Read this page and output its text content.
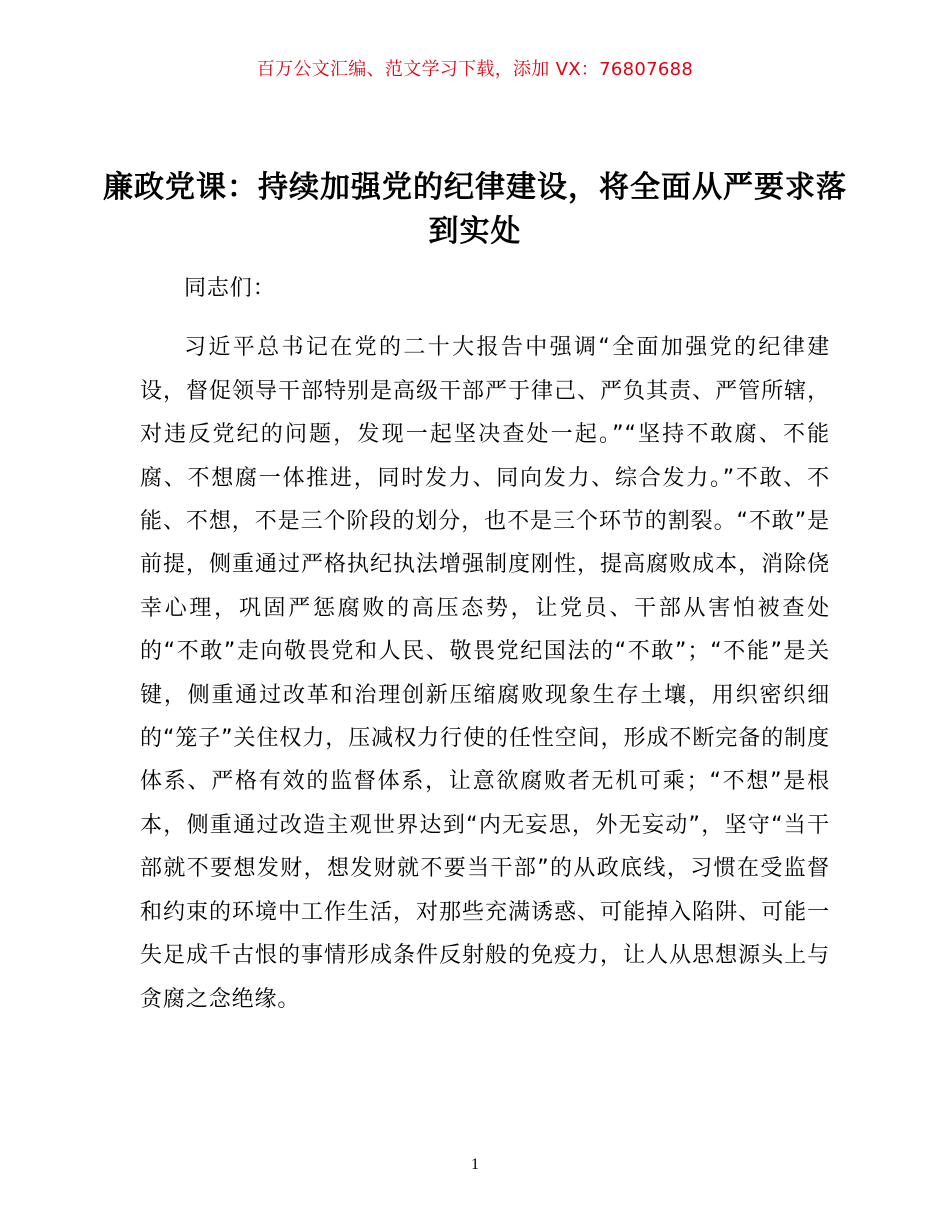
百万公文汇编、范文学习下载，添加 VX：76807688
廉政党课：持续加强党的纪律建设，将全面从严要求落到实处

同志们：

习近平总书记在党的二十大报告中强调“全面加强党的纪律建设，督促领导干部特别是高级干部严于律己、严负其责、严管所辖，对违反党纪的问题，发现一起坚决查处一起。”“坚持不敢腐、不能腐、不想腐一体推进，同时发力、同向发力、综合发力。”不敢、不能、不想，不是三个阶段的划分，也不是三个环节的割裂。“不敢”是前提，侧重通过严格执纪执法增强制度刚性，提高腐败成本，消除侥幸心理，巩固严惩腐败的高压态势，让党员、干部从害怕被查处的“不敢”走向敬畏党和人民、敬畏党纪国法的“不敢”；“不能”是关键，侧重通过改革和治理创新压缩腐败现象生存土壤，用织密织细的“笼子”关住权力，压减权力行使的任性空间，形成不断完备的制度体系、严格有效的监督体系，让意欲腐败者无机可乘；“不想”是根本，侧重通过改造主观世界达到“内无妄思，外无妄动”，坚守“当干部就不要想发财，想发财就不要当干部”的从政底线，习惯在受监督和约束的环境中工作生活，对那些充满诱惑、可能掉入陷阱、可能一失足成千古恨的事情形成条件反射般的免疫力，让人从思想源头上与贪腐之念绝缘。

1
